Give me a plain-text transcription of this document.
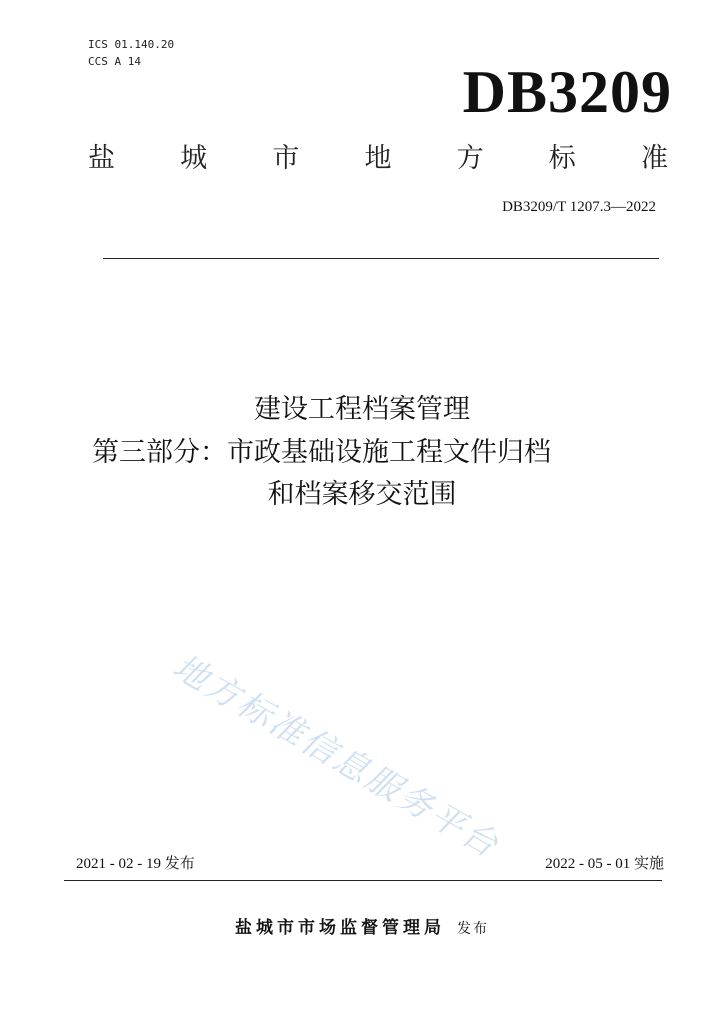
ICS 01.140.20
CCS A 14	DB3209
盐 城 市 地 方 标 准
DB3209/T 1207.3—2022
建设工程档案管理
第三部分：市政基础设施工程文件归档
和档案移交范围
地方标准信息服务平台
2021 - 02 - 19 发布	2022 - 05 - 01 实施
盐城市市场监督管理局 发布
